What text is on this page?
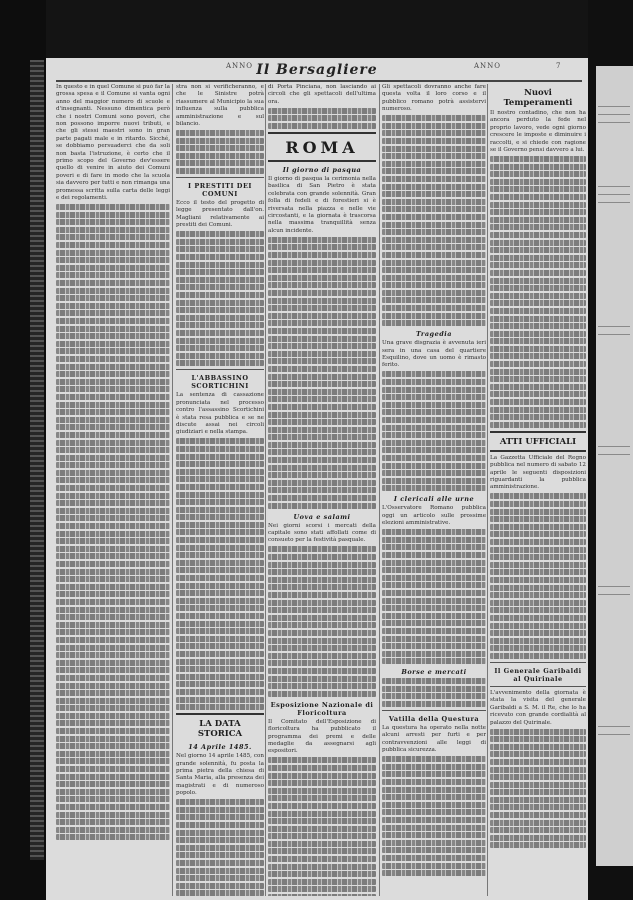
ANNO Il Bersagliere	ANNO	7

In questo e in quel Comune si può far la grossa spesa e il Comune si vanta ogni anno del maggior numero di scuole e d'insegnanti. Nessuno dimentica però che i nostri Comuni sono poveri, che non possono imporre nuovi tributi, e che gli stessi maestri sono in gran parte pagati male e in ritardo. Sicché, se dobbiamo persuaderci che da soli non basta l'istruzione, è certo che il primo scopo del Governo dev'essere quello di venire in aiuto dei Comuni poveri e di fare in modo che la scuola sia davvero per tutti e non rimanga una promessa scritta sulla carta delle leggi e dei regolamenti.

stra non si verificheranno, e che le Sinistre potrà riassumere al Municipio la sua influenza sulla pubblica amministrazione e sul bilancio.

I PRESTITI DEI COMUNI

Ecco il testo del progetto di legge presentato dall'on. Magliani relativamente ai prestiti dei Comuni.

L'ABBASSINO SCORTICHINI

La sentenza di cassazione pronunciata nel processo contro l'assassino Scortichini è stata resa pubblica e se ne discute assai nei circoli giudiziari e nella stampa.

LA DATA STORICA
14 Aprile 1485.

Nel giorno 14 aprile 1485, con grande solennità, fu posta la prima pietra della chiesa di Santa Maria, alla presenza dei magistrati e di numeroso popolo.

di Porta Pinciana, non lasciando ai circoli che gli spettacoli dell'ultima ora.

ROMA
Il giorno di pasqua

Il giorno di pasqua la cerimonia nella basilica di San Pietro è stata celebrata con grande solennità. Gran folla di fedeli e di forestieri si è riversata nella piazza e nelle vie circostanti, e la giornata è trascorsa nella massima tranquillità senza alcun incidente.

Uova e salami

Nei giorni scorsi i mercati della capitale sono stati affollati come di consueto per la festività pasquale.

Esposizione Nazionale di Floricoltura

Il Comitato dell'Esposizione di floricoltura ha pubblicato il programma dei premi e delle medaglie da assegnarsi agli espositori.

Gli spettacoli dovranno anche fare questa volta il loro corso e il pubblico romano potrà assistervi numeroso.

Tragedia

Una grave disgrazia è avvenuta ieri sera in una casa del quartiere Esquilino, dove un uomo è rimasto ferito.

I clericali alle urne

L'Osservatore Romano pubblica oggi un articolo sulle prossime elezioni amministrative.

Borse e mercati
Vatilla della Questura

La questura ha operato nella notte alcuni arresti per furti e per contravvenzioni alle leggi di pubblica sicurezza.

Nuovi Temperamenti

Il nostro contadino, che non ha ancora perduto la fede nel proprio lavoro, vede ogni giorno crescere le imposte e diminuire i raccolti, e si chiede con ragione se il Governo pensi davvero a lui.

ATTI UFFICIALI

La Gazzetta Ufficiale del Regno pubblica nel numero di sabato 12 aprile le seguenti disposizioni riguardanti la pubblica amministrazione.

Il Generale Garibaldi al Quirinale

L'avvenimento della giornata è stata la visita del generale Garibaldi a S. M. il Re, che lo ha ricevuto con grande cordialità al palazzo del Quirinale.
